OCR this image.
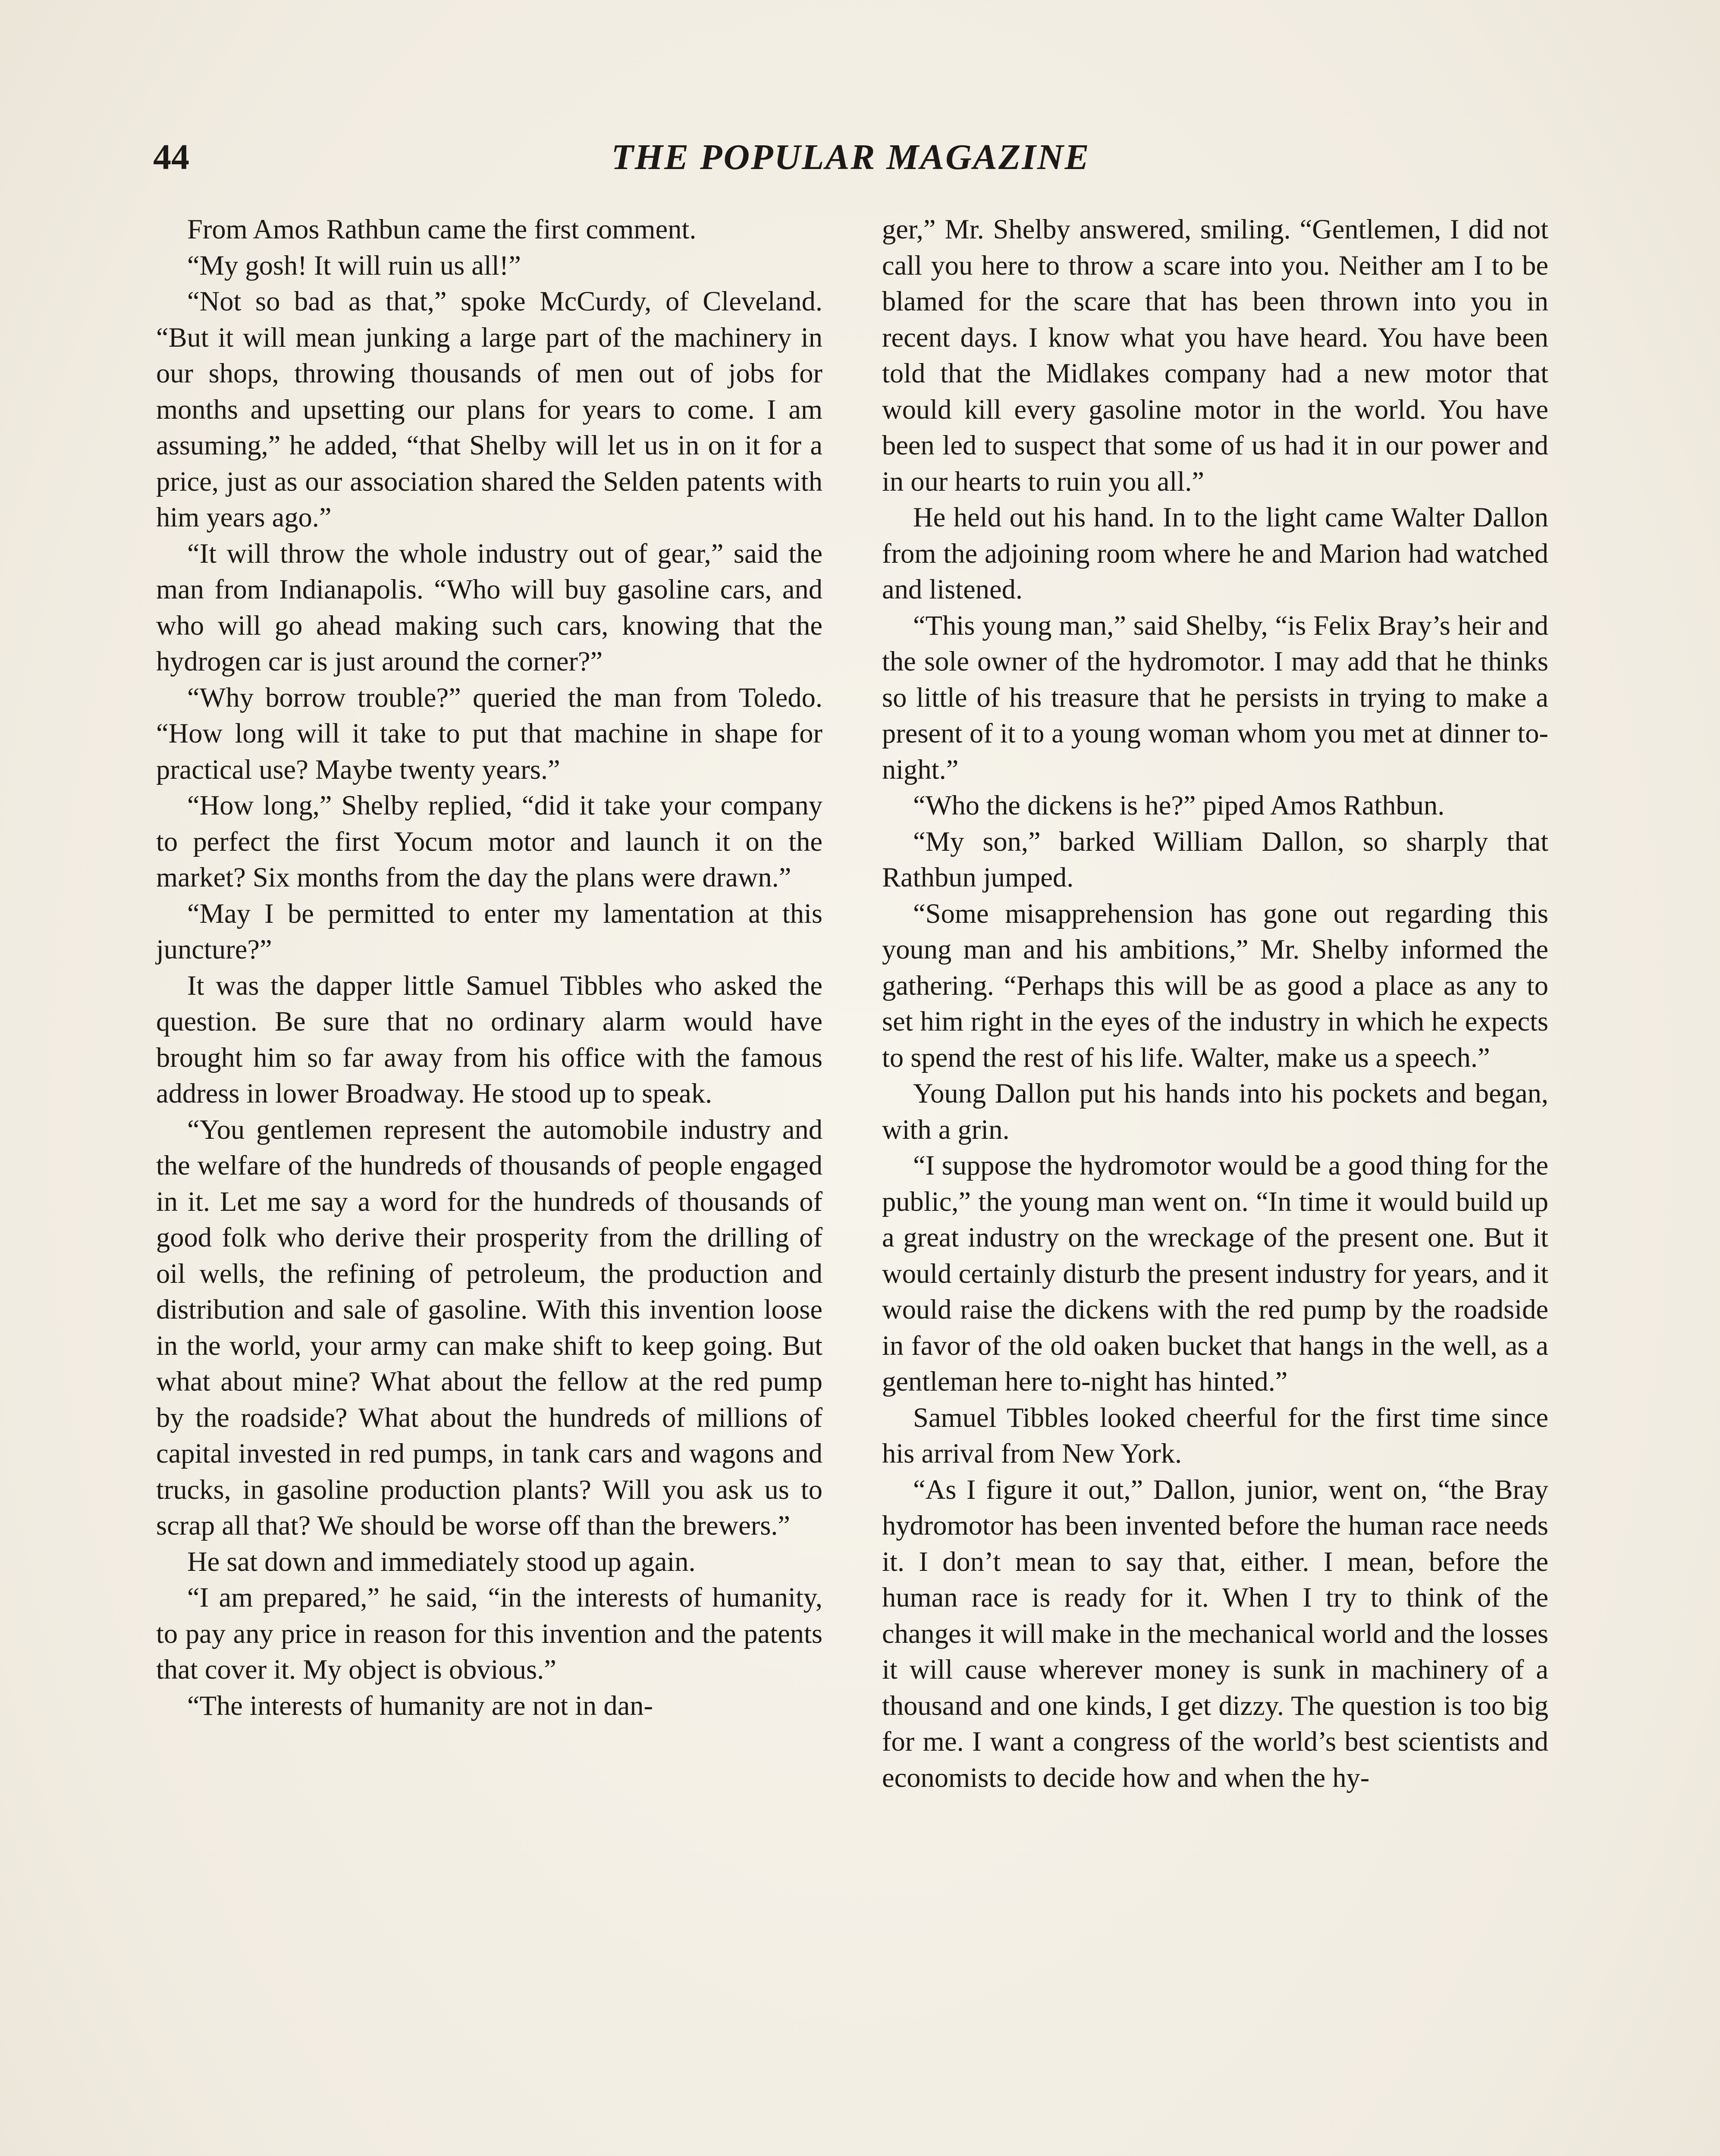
44	THE POPULAR MAGAZINE

From Amos Rathbun came the first comment.

“My gosh! It will ruin us all!”

“Not so bad as that,” spoke McCurdy, of Cleveland. “But it will mean junking a large part of the machinery in our shops, throwing thousands of men out of jobs for months and upsetting our plans for years to come. I am assuming,” he added, “that Shelby will let us in on it for a price, just as our association shared the Selden patents with him years ago.”

“It will throw the whole industry out of gear,” said the man from Indianapolis. “Who will buy gasoline cars, and who will go ahead making such cars, knowing that the hydrogen car is just around the corner?”

“Why borrow trouble?” queried the man from Toledo. “How long will it take to put that machine in shape for practical use? Maybe twenty years.”

“How long,” Shelby replied, “did it take your company to perfect the first Yocum motor and launch it on the market? Six months from the day the plans were drawn.”

“May I be permitted to enter my lamentation at this juncture?”

It was the dapper little Samuel Tibbles who asked the question. Be sure that no ordinary alarm would have brought him so far away from his office with the famous address in lower Broadway. He stood up to speak.

“You gentlemen represent the automobile industry and the welfare of the hundreds of thousands of people engaged in it. Let me say a word for the hundreds of thousands of good folk who derive their prosperity from the drilling of oil wells, the refining of petroleum, the production and distribution and sale of gasoline. With this invention loose in the world, your army can make shift to keep going. But what about mine? What about the fellow at the red pump by the roadside? What about the hundreds of millions of capital invested in red pumps, in tank cars and wagons and trucks, in gasoline production plants? Will you ask us to scrap all that? We should be worse off than the brewers.”

He sat down and immediately stood up again.

“I am prepared,” he said, “in the interests of humanity, to pay any price in reason for this invention and the patents that cover it. My object is obvious.”

“The interests of humanity are not in dan-

ger,” Mr. Shelby answered, smiling. “Gentlemen, I did not call you here to throw a scare into you. Neither am I to be blamed for the scare that has been thrown into you in recent days. I know what you have heard. You have been told that the Midlakes company had a new motor that would kill every gasoline motor in the world. You have been led to suspect that some of us had it in our power and in our hearts to ruin you all.”

He held out his hand. In to the light came Walter Dallon from the adjoining room where he and Marion had watched and listened.

“This young man,” said Shelby, “is Felix Bray’s heir and the sole owner of the hydromotor. I may add that he thinks so little of his treasure that he persists in trying to make a present of it to a young woman whom you met at dinner to-night.”

“Who the dickens is he?” piped Amos Rathbun.

“My son,” barked William Dallon, so sharply that Rathbun jumped.

“Some misapprehension has gone out regarding this young man and his ambitions,” Mr. Shelby informed the gathering. “Perhaps this will be as good a place as any to set him right in the eyes of the industry in which he expects to spend the rest of his life. Walter, make us a speech.”

Young Dallon put his hands into his pockets and began, with a grin.

“I suppose the hydromotor would be a good thing for the public,” the young man went on. “In time it would build up a great industry on the wreckage of the present one. But it would certainly disturb the present industry for years, and it would raise the dickens with the red pump by the roadside in favor of the old oaken bucket that hangs in the well, as a gentleman here to-night has hinted.”

Samuel Tibbles looked cheerful for the first time since his arrival from New York.

“As I figure it out,” Dallon, junior, went on, “the Bray hydromotor has been invented before the human race needs it. I don’t mean to say that, either. I mean, before the human race is ready for it. When I try to think of the changes it will make in the mechanical world and the losses it will cause wherever money is sunk in machinery of a thousand and one kinds, I get dizzy. The question is too big for me. I want a congress of the world’s best scientists and economists to decide how and when the hy-
